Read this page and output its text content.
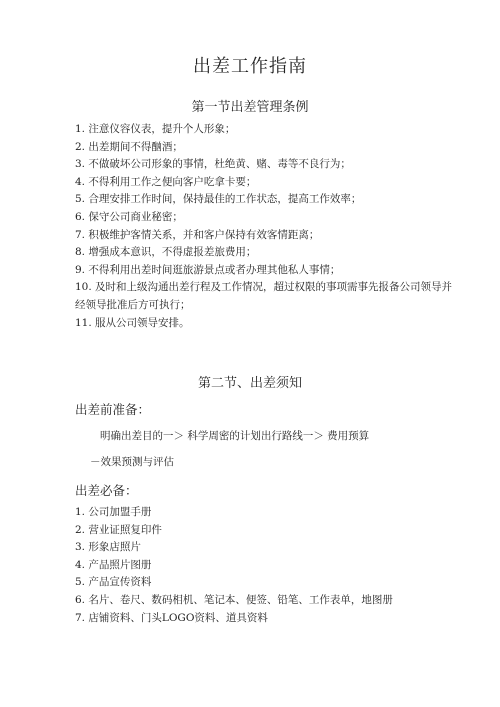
出差工作指南
第一节出差管理条例
1. 注意仪容仪表，提升个人形象；
2. 出差期间不得酗酒；
3. 不做破坏公司形象的事情，杜绝黄、赌、毒等不良行为；
4. 不得利用工作之便向客户吃拿卡要；
5. 合理安排工作时间，保持最佳的工作状态，提高工作效率；
6. 保守公司商业秘密；
7. 积极维护客情关系，并和客户保持有效客情距离；
8. 增强成本意识，不得虚报差旅费用；
9. 不得利用出差时间逛旅游景点或者办理其他私人事情；
10. 及时和上级沟通出差行程及工作情况，超过权限的事项需事先报备公司领导并经领导批准后方可执行；
11. 服从公司领导安排。
第二节、出差须知
出差前准备：
明确出差目的一＞ 科学周密的计划出行路线一＞ 费用预算
－效果预测与评估
出差必备：
1. 公司加盟手册
2. 营业证照复印件
3. 形象店照片
4. 产品照片图册
5. 产品宣传资料
6. 名片、卷尺、数码相机、笔记本、便签、铅笔、工作表单，地图册
7. 店铺资料、门头LOGO资料、道具资料
